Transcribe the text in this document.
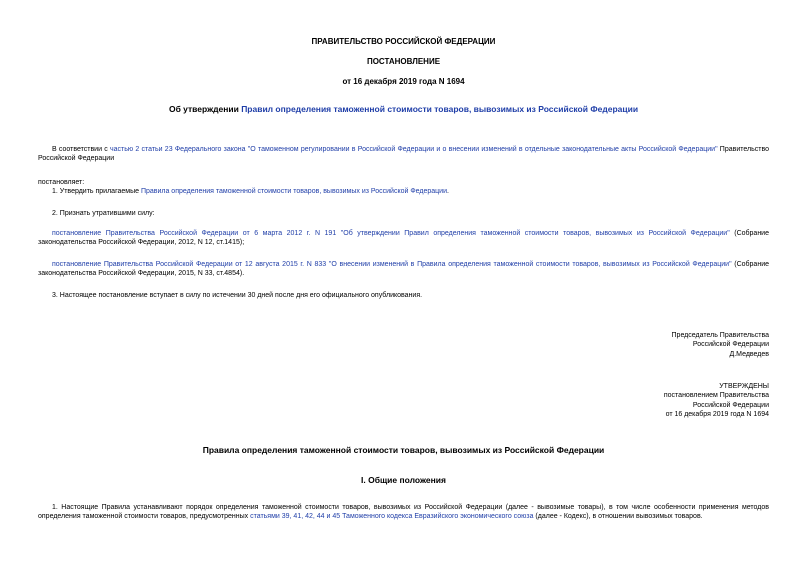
ПРАВИТЕЛЬСТВО РОССИЙСКОЙ ФЕДЕРАЦИИ
ПОСТАНОВЛЕНИЕ
от 16 декабря 2019 года N 1694
Об утверждении Правил определения таможенной стоимости товаров, вывозимых из Российской Федерации

В соответствии с частью 2 статьи 23 Федерального закона "О таможенном регулировании в Российской Федерации и о внесении изменений в отдельные законодательные акты Российской Федерации" Правительство Российской Федерации

постановляет:

1. Утвердить прилагаемые Правила определения таможенной стоимости товаров, вывозимых из Российской Федерации.

2. Признать утратившими силу:

постановление Правительства Российской Федерации от 6 марта 2012 г. N 191 "Об утверждении Правил определения таможенной стоимости товаров, вывозимых из Российской Федерации" (Собрание законодательства Российской Федерации, 2012, N 12, ст.1415);

постановление Правительства Российской Федерации от 12 августа 2015 г. N 833 "О внесении изменений в Правила определения таможенной стоимости товаров, вывозимых из Российской Федерации" (Собрание законодательства Российской Федерации, 2015, N 33, ст.4854).

3. Настоящее постановление вступает в силу по истечении 30 дней после дня его официального опубликования.

Председатель Правительства
Российской Федерации
Д.Медведев
УТВЕРЖДЕНЫ
постановлением Правительства
Российской Федерации
от 16 декабря 2019 года N 1694
Правила определения таможенной стоимости товаров, вывозимых из Российской Федерации
I. Общие положения

1. Настоящие Правила устанавливают порядок определения таможенной стоимости товаров, вывозимых из Российской Федерации (далее - вывозимые товары), в том числе особенности применения методов определения таможенной стоимости товаров, предусмотренных статьями 39, 41, 42, 44 и 45 Таможенного кодекса Евразийского экономического союза (далее - Кодекс), в отношении вывозимых товаров.
